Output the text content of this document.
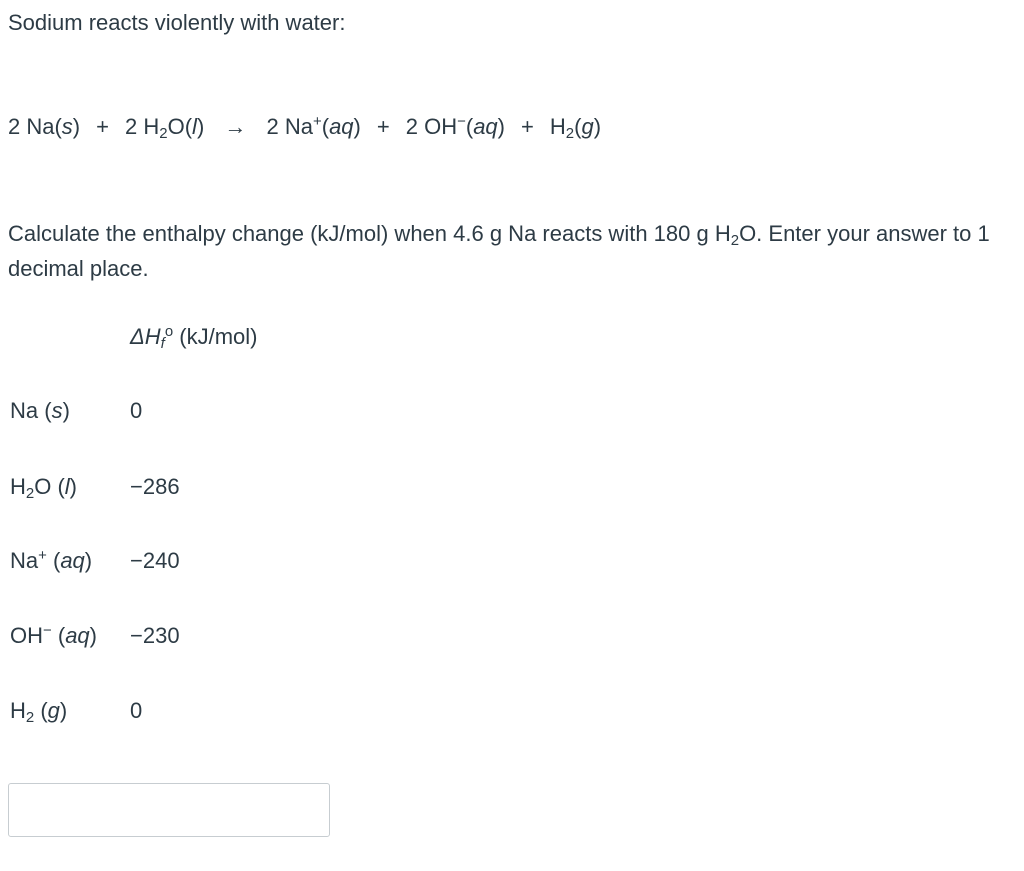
Sodium reacts violently with water:
2 Na(s) + 2 $H_2O(l) \to 2$ Na+(aq) + 2 $OH^-(aq) + H_2(g)$
Calculate the enthalpy change (kJ/mol) when 4.6 g Na reacts with 180 g $H_2O$. Enter your answer to 1 decimal place.
$\Delta H_f^o$ (kJ/mol)
Na (s)	0
$H_2O$ (l) −286
Na+ (aq) −240
OH− (aq) −230
$H_2$ (g)	0
